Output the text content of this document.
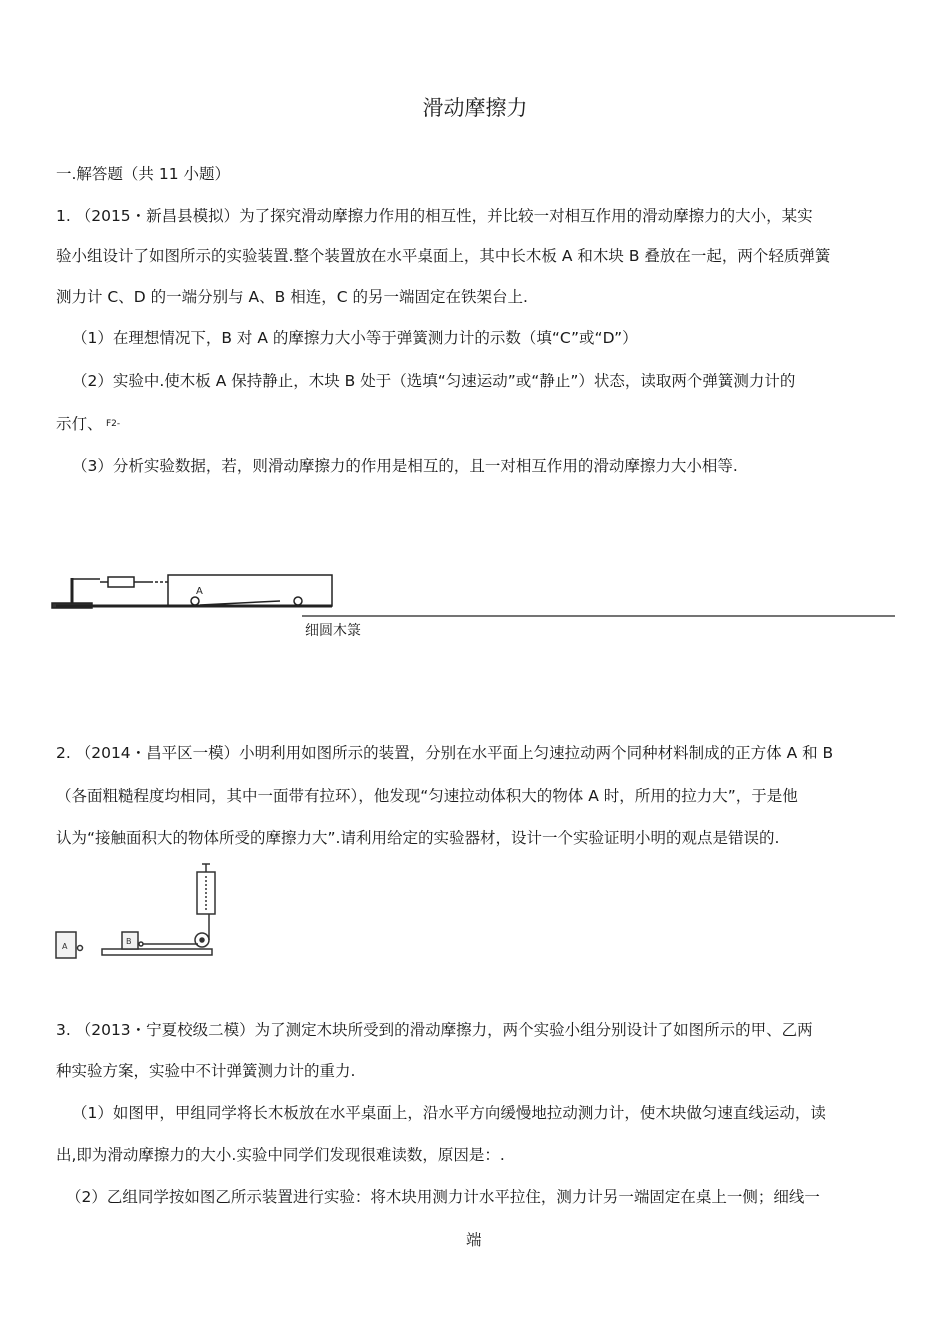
滑动摩擦力
一.解答题（共 11 小题）
1. （2015・新昌县模拟）为了探究滑动摩擦力作用的相互性，并比较一对相互作用的滑动摩擦力的大小，某实
验小组设计了如图所示的实验装置.整个装置放在水平桌面上，其中长木板 A 和木块 B 叠放在一起，两个轻质弹簧
测力计 C、D 的一端分别与 A、B 相连，C 的另一端固定在铁架台上.
（1）在理想情况下，B 对 A 的摩擦力大小等于弹簧测力计的示数（填“C”或“D”）
（2）实验中.使木板 A 保持静止，木块 B 处于（选填“匀速运动”或“静止”）状态，读取两个弹簧测力计的
示仃、 F2-
（3）分析实验数据，若，则滑动摩擦力的作用是相互的，且一对相互作用的滑动摩擦力大小相等.
A
细圆木箓
2. （2014・昌平区一模）小明利用如图所示的装置，分别在水平面上匀速拉动两个同种材料制成的正方体 A 和 B
（各面粗糙程度均相同，其中一面带有拉环），他发现“匀速拉动体积大的物体 A 时，所用的拉力大”，于是他
认为“接触面积大的物体所受的摩擦力大”.请利用给定的实验器材，设计一个实验证明小明的观点是错误的.
A
B
3. （2013・宁夏校级二模）为了测定木块所受到的滑动摩擦力，两个实验小组分别设计了如图所示的甲、乙两
种实验方案，实验中不计弹簧测力计的重力.
（1）如图甲，甲组同学将长木板放在水平桌面上，沿水平方向缓慢地拉动测力计，使木块做匀速直线运动，读
出,即为滑动摩擦力的大小.实验中同学们发现很难读数，原因是：.
（2）乙组同学按如图乙所示装置进行实验：将木块用测力计水平拉住，测力计另一端固定在桌上一侧；细线一
端
